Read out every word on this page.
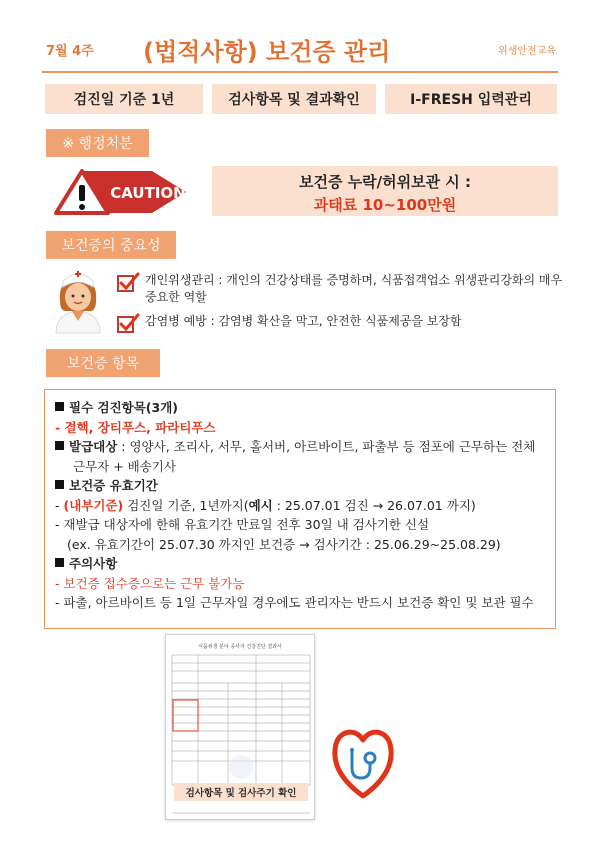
7월 4주 (법적사항) 보건증 관리	위생안전교육
검진일 기준 1년	검사항목 및 결과확인	I-FRESH 입력관리
※ 행정처분
CAUTION
보건증 누락/허위보관 시 :
과태료 10~100만원
보건증의 중요성
개인위생관리 : 개인의 건강상태를 증명하며, 식품접객업소 위생관리강화의 매우 중요한 역할
감염병 예방 : 감염병 확산을 막고, 안전한 식품제공을 보장함
보건증 항목
필수 검진항목(3개)
- 결핵, 장티푸스, 파라티푸스
발급대상 : 영양사, 조리사, 서무, 홀서버, 아르바이트, 파출부 등 점포에 근무하는 전체
근무자 + 배송기사
보건증 유효기간
- (내부기준) 검진일 기준, 1년까지(예시 : 25.07.01 검진 → 26.07.01 까지)
- 재발급 대상자에 한해 유효기간 만료일 전후 30일 내 검사기한 신설
(ex. 유효기간이 25.07.30 까지인 보건증 → 검사기간 : 25.06.29~25.08.29)
주의사항
- 보건증 접수증으로는 근무 불가능
- 파출, 아르바이트 등 1일 근무자일 경우에도 관리자는 반드시 보건증 확인 및 보관 필수
식품위생 분야 종사자 건강진단 결과서
검사항목 및 검사주기 확인
